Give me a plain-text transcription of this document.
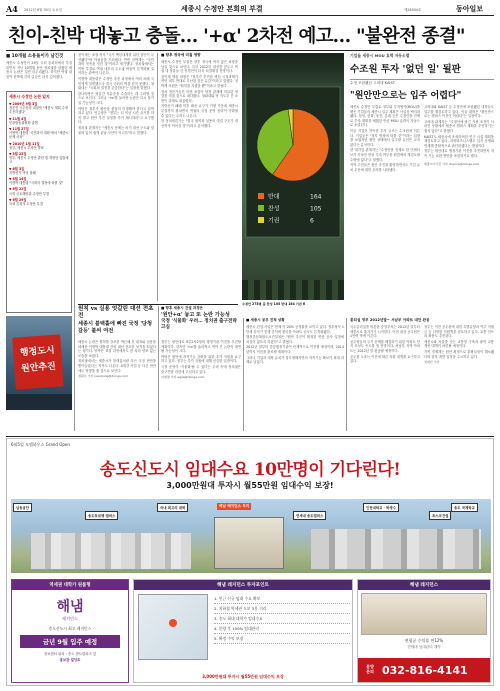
A4 2012년 6월 30일 토요일	세종시 수정안 본회의 부결	제28904호	동아일보
친이-친박 대놓고 충돌… '+α' 2차전 예고… "불완전 종결"
■ 10개월 소용돌이가 남긴것
세종시 수정안이 29일 국회 본회의에서 부결되면서 지난 10개월 동안 정치권을 달궜던 세종시 논란은 일단 마무리됐다. 하지만 여권 내 친이·친박계 간의 갈등은 더욱 깊어졌다.
세종시 수정안 논란 일지
▼ 2009년 9월 3일
정운찬 국무총리 내정자 "세종시 계획 수정 추진하겠다"
▼ 11월 4일
민관합동위원회 출범
▼ 11월 27일
이명박 대통령 '국민과의 대화'에서 "세종시 문제 사과"
▼ 2010년 1월 11일
정부, 세종시 수정안 발표
▼ 3월 23일
정부, 세종시 수정안 관련 법 개정안 입법예고
▼ 6월 3일
지방선거 여당 참패
▼ 6월 14일
이명박 대통령 "국회의 결정에 따를 것"
▼ 6월 22일
국회 국토해양위 수정안 부결
▼ 6월 29일
국회 본회의 수정안 부결
행정도시
원안추진

친이계는 표결 직후 "국가 백년대계를 위한 결단이 무산됐다"며 아쉬움을 드러냈다. 반면 친박계는 "국민과의 약속을 지킨 것"이라고 평가했다. 정치권에서는 이번 부결로 여권 내부의 주도권 싸움이 본격화될 것이라는 관측이 나온다.

이명박 대통령은 수정안 추진 과정에서 여러 차례 국민에게 설명했으나 결국 국회의 벽을 넘지 못했다. 청와대는 "국회의 결정을 존중한다"는 입장을 밝혔다.

한나라당은 당분간 후유증을 수습하는 데 주력할 것으로 보인다. 그러나 '+α'를 둘러싼 논란은 다시 불거질 가능성이 크다.

야당은 정부가 원안을 충실히 이행해야 한다고 압박하고 있다. 민주당은 "정부는 더 이상 시간 끌기를 하지 말고 원안 추진 일정을 즉각 제시하라"고 요구했다.

정치권 관계자는 "세종시 문제는 차기 대선 구도와 맞물려 있어 쉽게 끝날 사안이 아니다"라고 말했다.

■ 향후 정국에 미칠 영향

세종시 수정안 부결은 향후 정국에 적지 않은 파장을 남길 것으로 보인다. 특히 2012년 대선을 앞두고 여권 내 잠룡들 간 신경전이 더욱 치열해질 전망이다.

친이계 핵심 의원은 "정부가 추진한 핵심 국정과제가 여당 내부 반대로 무산된 것은 유감"이라고 말했다. 친박계 의원은 "원칙을 지켰을 뿐"이라고 맞섰다.

정치 전문가들은 이번 표결이 당청 관계에 미묘한 영향을 미칠 것으로 내다봤다. 청와대와 당 지도부 간 소통이 과제로 떠올랐다.

지방선거 패배 이후 쇄신 요구가 거센 가운데 세종시 부결까지 겹치면서 여권의 국정 운영 동력이 약화될 수 있다는 우려도 나온다.

한 정치평론가는 "결국 원칙과 실용의 대결 구도가 대선까지 이어질 것"이라고 분석했다.

반대	164
찬성	105
기권	6
수정안 275명 중 찬성 105 반대 164 기권 6
기업들 세종시 MOU 효력 자동소멸
수조원 투자 '없던 일' 될판
수정 포함됐던 고려대·KAIST
"원안만으로는 입주 어렵다"

세종시 수정안 부결로 정부와 투자협약(MOU)을 맺은 기업들의 세종시 입주 계획은 사실상 백지화됐다. 삼성, 한화, 웅진, 롯데 등은 수정안을 전제로 투자 계획을 세웠던 만큼 MOU 효력이 자동으로 소멸된다.

이들 기업이 약속한 투자 규모는 수조원에 이른다. 기업들은 "정부 방침에 따를 것"이라는 입장을 보였지만 원안 상태에서 입주할 유인은 크지 않다는 분석이다.

한 대기업 관계자는 "수정안을 전제로 한 인센티브가 사라진 만큼 투자 여부를 원점에서 재검토할 수밖에 없다"고 말했다.

지역 주민들은 원안 추진을 환영하면서도 기업 유치 무산에 대한 우려를 나타냈다.

고려대와 KAIST 등 수정안에 포함됐던 대학들도 입주를 재검토하고 있다. 이들 대학은 "원안만으로는 캠퍼스 이전이 어렵다"는 입장이다.

고려대 관계자는 "수정안에 담긴 지원 조건이 사라진 상황에서 세종시 캠퍼스 계획을 추진하기는 쉽지 않다"고 밝혔다.

KAIST도 세종시에 조성하려던 연구 시설 계획을 재검토하고 있다. 과학비즈니스벨트 입지 문제와 연계해 종합적으로 판단하겠다는 방침이다.

정부는 원안대로 행정기관 이전을 추진하면서 자족 기능 보완 방안을 마련하기로 했다.

세종=이기진 기자 doyoce@donga.com

원칙 vs 실용 엇갈린 대선 전초전
세종시 블랙홀에 빠진 국정 '당청 갈등' 불씨 여전
■ 향후 세종시 건설 과정은
'원안+α' 놓고 또 논란 가능성
국정 '식물화' 우려… 정치권 출구전략 고심

세종시 논란은 원칙을 강조한 박근혜 전 대표와 실용을 내세운 이명박 대통령 간의 대선 전초전 성격을 띠었다는 평가다. 양측은 표결 과정에서도 한 치의 양보 없는 모습을 보였다.

정치권에서는 세종시가 블랙홀처럼 모든 국정 현안을 빨아들였다는 지적도 나온다. 4대강 사업 등 다른 현안에도 영향을 줄 것으로 보인다.

정원수 기자 needjung@donga.com

정부는 원안대로 9부2처2청의 행정기관 이전을 추진할 계획이다. 하지만 '+α'를 둘러싸고 여야 간 논란이 재연될 가능성이 크다.

야당은 원안에 자족기능 강화를 위한 추가 지원을 요구하고 있다. 정부는 추가 지원에 대해 신중한 입장이다.

국정 운영이 '식물화'될 수 있다는 우려 속에 정치권은 출구전략 마련에 고심하고 있다.

이재명 기자 egija@donga.com

■ 세종시 공무 진척 상황

세종시 건설 사업은 현재 약 20% 공정률을 보이고 있다. 정부청사 1단계 공사가 진행 중이며 첫마을 아파트 공사도 본격화됐다.

행정중심복합도시건설청은 "원안 추진이 확정된 만큼 공사 일정에 차질이 없도록 하겠다"고 밝혔다.

2012년 말부터 중앙행정기관이 단계적으로 이전할 예정이며, 2014년까지 이전을 완료할 계획이다.

그러나 기업과 대학 유치가 불투명해지면서 자족기능 확보가 최대 과제로 남았다.

총리실 정부 2012년말~ 서남부 아파트 대단 완공

국무총리실을 비롯한 중앙부처는 2012년 말부터 세종시로 옮겨가기 시작한다. 이전 대상 공무원은 1만여 명에 이른다.

공무원들의 주거 문제를 해결하기 위한 아파트 단지 조성도 속도를 낼 전망이다. 서남부 지역 아파트는 2012년 말 완공될 예정이다.

공무원 노조는 이전에 따른 지원 대책을 요구하고 있다.

정부는 이전 공무원에 대한 특별분양과 이주 지원금 등 다양한 지원책을 검토하고 있다. 교통 인프라 확충도 추진된다.

세종시와 서울을 잇는 교통망 구축과 광역 교통 개선 대책이 마련될 예정이다.

지역 경제계는 원안 확정으로 불확실성이 해소됐다며 향후 개발 일정을 주시하고 있다.

정재빈 기자

6월5일 모델하우스 Grand Open
송도신도시 임대수요 10만명이 기다린다!
3,000만원대 투자시 월55만원 임대수익 보장!
남동공단
송도포르뱅 캠퍼스
국내 최고의 대학
연세대 송도캠퍼스
인천대학교 · 학생수
포스코건설
송도 국제학교
해남 레지던스 부지
역세권 대학가 원룸형
해냄
레지던스
송도신도시 최고 레지던스
금년 9월 입주 예정
정보센터 위치 : 송도 센트럴파크 앞
홍보관 빌딩로
해냄 레지던스 투자포인트
1. 인근 신규 임대 수요 확보
2. 지하철 역세권 도보 3분 거리
3. 송도 최대 대학가 임대수요
4. 분양 후 100% 임대관리
5. 확정 수익 보장
3,000만원대 투자시 월55만원 임대수익 보장
해냄 레지던스
연평균 수익률 연12%
전세대 임대관리 계약
분양
문의 032-816-4141
